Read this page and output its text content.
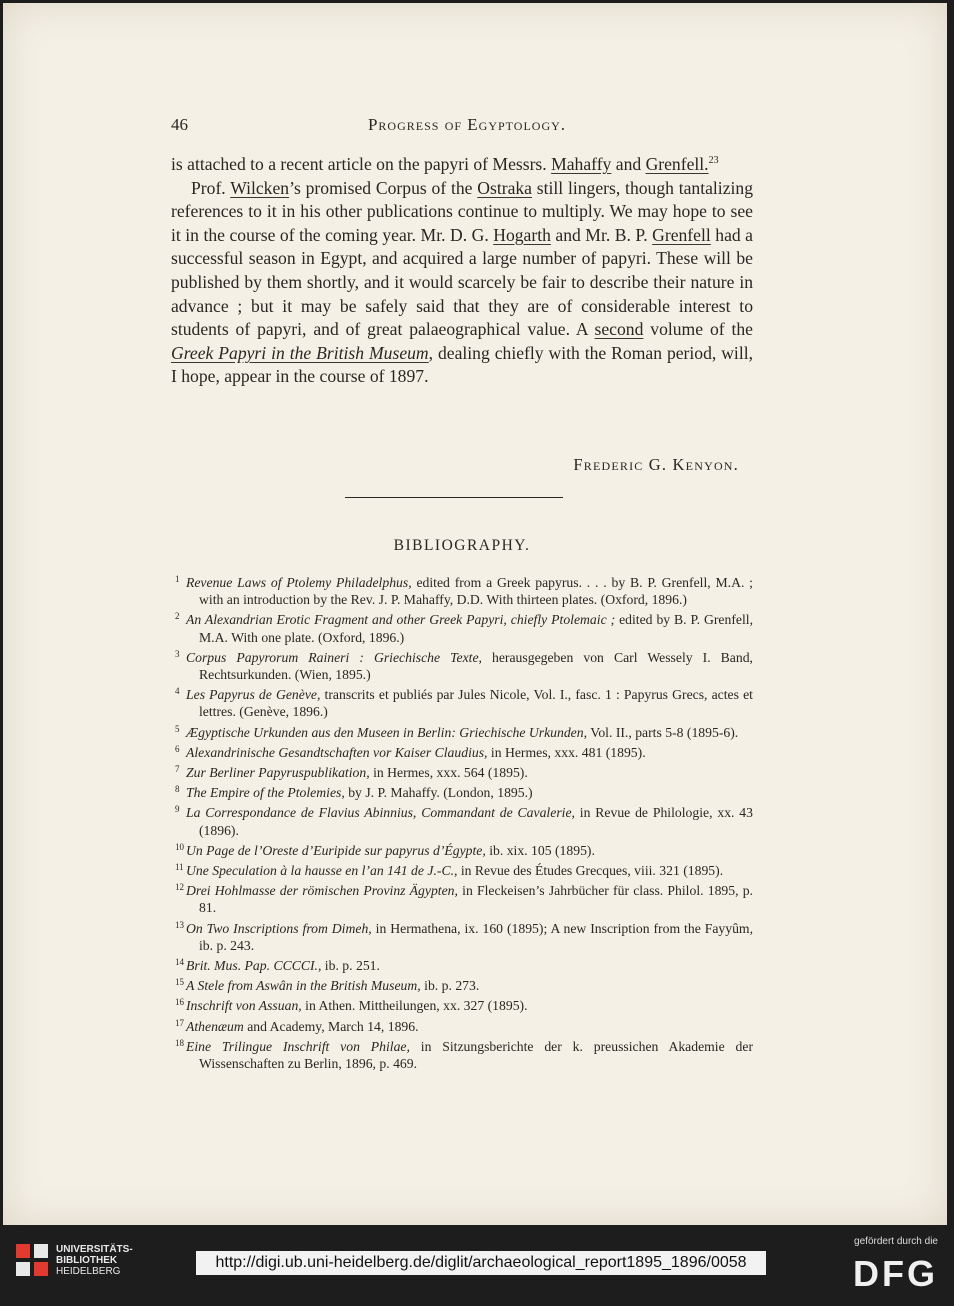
46	Progress of Egyptology.

is attached to a recent article on the papyri of Messrs. Mahaffy and Grenfell.$^{23}$

Prof. Wilcken’s promised Corpus of the Ostraka still lingers, though tantalizing references to it in his other publications continue to multiply. We may hope to see it in the course of the coming year. Mr. D. G. Hogarth and Mr. B. P. Grenfell had a successful season in Egypt, and acquired a large number of papyri. These will be published by them shortly, and it would scarcely be fair to describe their nature in advance ; but it may be safely said that they are of considerable interest to students of papyri, and of great palaeographical value. A second volume of the Greek Papyri in the British Museum, dealing chiefly with the Roman period, will, I hope, appear in the course of 1897.

Frederic G. Kenyon.
BIBLIOGRAPHY.
1 Revenue Laws of Ptolemy Philadelphus, edited from a Greek papyrus. . . . by B. P. Grenfell, M.A. ; with an introduction by the Rev. J. P. Mahaffy, D.D. With thirteen plates. (Oxford, 1896.)
2 An Alexandrian Erotic Fragment and other Greek Papyri, chiefly Ptolemaic ; edited by B. P. Grenfell, M.A. With one plate. (Oxford, 1896.)
3 Corpus Papyrorum Raineri : Griechische Texte, herausgegeben von Carl Wessely I. Band, Rechtsurkunden. (Wien, 1895.)
4 Les Papyrus de Genève, transcrits et publiés par Jules Nicole, Vol. I., fasc. 1 : Papyrus Grecs, actes et lettres. (Genève, 1896.)
5 Ægyptische Urkunden aus den Museen in Berlin: Griechische Urkunden, Vol. II., parts 5-8 (1895-6).
6 Alexandrinische Gesandtschaften vor Kaiser Claudius, in Hermes, xxx. 481 (1895).
7 Zur Berliner Papyruspublikation, in Hermes, xxx. 564 (1895).
8 The Empire of the Ptolemies, by J. P. Mahaffy. (London, 1895.)
9 La Correspondance de Flavius Abinnius, Commandant de Cavalerie, in Revue de Philologie, xx. 43 (1896).
10 Un Page de l’Oreste d’Euripide sur papyrus d’Égypte, ib. xix. 105 (1895).
11 Une Speculation à la hausse en l’an 141 de J.-C., in Revue des Études Grecques, viii. 321 (1895).
12 Drei Hohlmasse der römischen Provinz Ägypten, in Fleckeisen’s Jahrbücher für class. Philol. 1895, p. 81.
13 On Two Inscriptions from Dimeh, in Hermathena, ix. 160 (1895); A new Inscription from the Fayyûm, ib. p. 243.
14 Brit. Mus. Pap. CCCCI., ib. p. 251.
15 A Stele from Aswân in the British Museum, ib. p. 273.
16 Inschrift von Assuan, in Athen. Mittheilungen, xx. 327 (1895).
17 Athenæum and Academy, March 14, 1896.
18 Eine Trilingue Inschrift von Philae, in Sitzungsberichte der k. preussichen Akademie der Wissenschaften zu Berlin, 1896, p. 469.
UNIVERSITÄTS-
BIBLIOTHEK
HEIDELBERG
http://digi.ub.uni-heidelberg.de/diglit/archaeological_report1895_1896/0058
gefördert durch die
DFG
